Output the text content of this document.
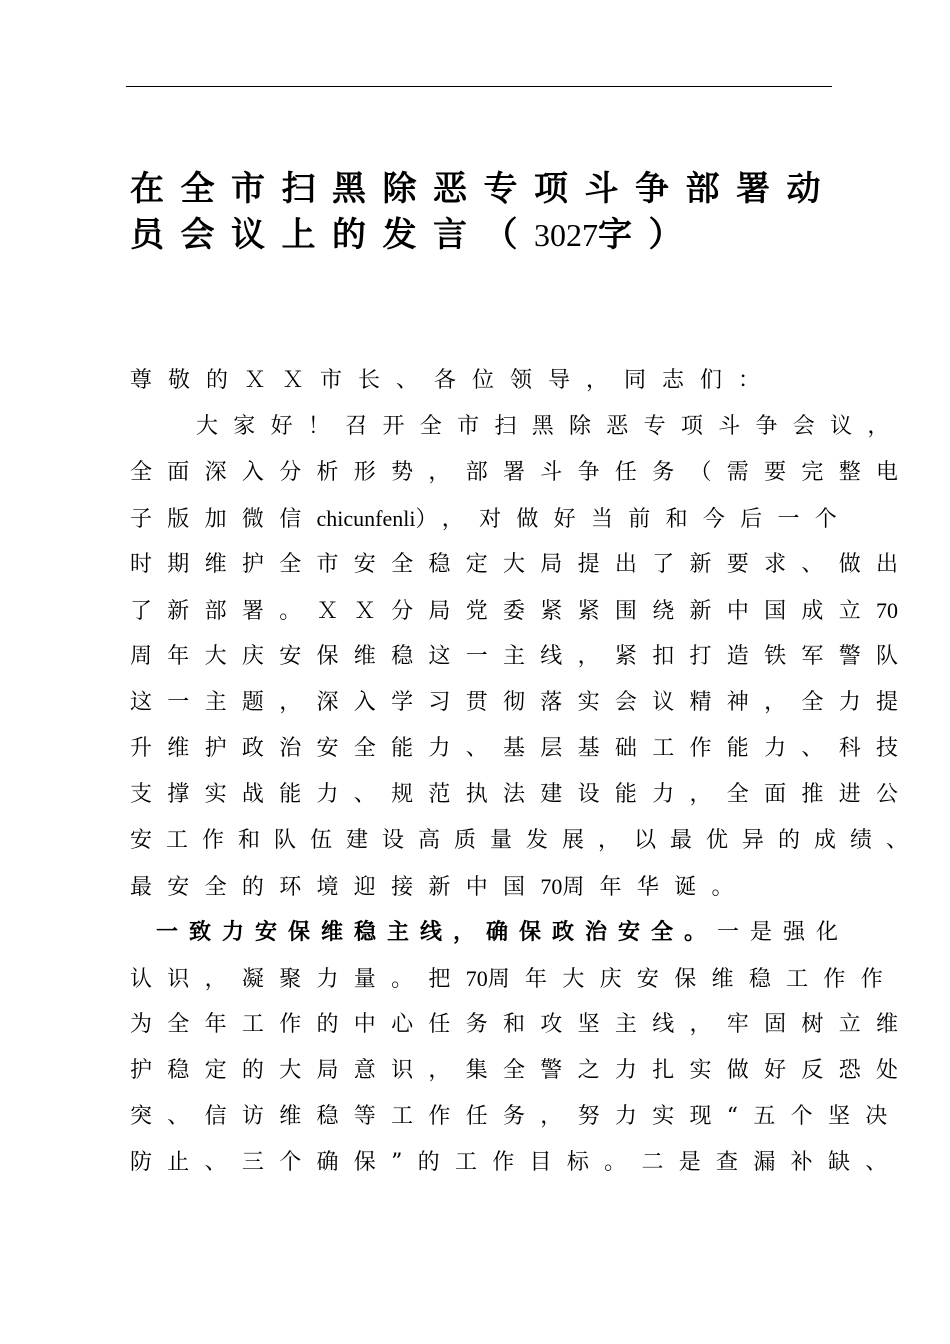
在全市扫黑除恶专项斗争部署动
员会议上的发言（3027字）
尊敬的ＸＸ市长、各位领导，同志们：
大家好！召开全市扫黑除恶专项斗争会议，
全面深入分析形势，部署斗争任务（需要完整电
子版加微信chicunfenli），对做好当前和今后一个
时期维护全市安全稳定大局提出了新要求、做出
了新部署。ＸＸ分局党委紧紧围绕新中国成立70
周年大庆安保维稳这一主线，紧扣打造铁军警队
这一主题，深入学习贯彻落实会议精神，全力提
升维护政治安全能力、基层基础工作能力、科技
支撑实战能力、规范执法建设能力，全面推进公
安工作和队伍建设高质量发展，以最优异的成绩、
最安全的环境迎接新中国70周年华诞。
一致力安保维稳主线，确保政治安全。一是强化
认识，凝聚力量。把70周年大庆安保维稳工作作
为全年工作的中心任务和攻坚主线，牢固树立维
护稳定的大局意识，集全警之力扎实做好反恐处
突、信访维稳等工作任务，努力实现“五个坚决
防止、三个确保”的工作目标。二是查漏补缺、
